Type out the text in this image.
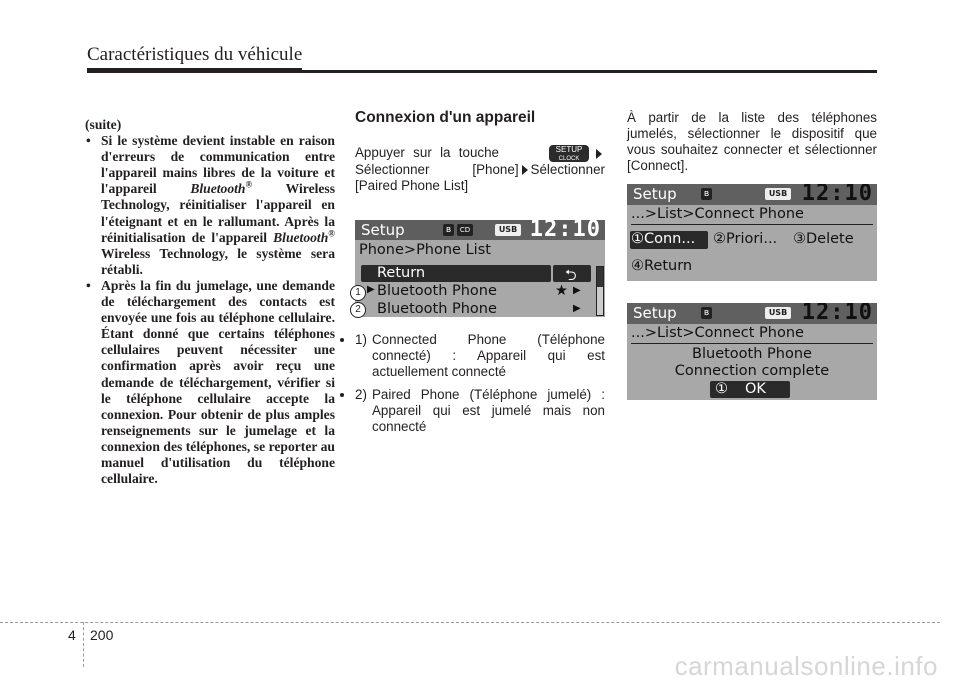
Caractéristiques du véhicule
(suite)
• Si le système devient instable en raison d'erreurs de communication entre l'appareil mains libres de la voiture et l'appareil Bluetooth® Wireless Technology, réinitialiser l'appareil en l'éteignant et en le rallumant. Après la réinitialisation de l'appareil Bluetooth® Wireless Technology, le système sera rétabli.
• Après la fin du jumelage, une demande de téléchargement des contacts est envoyée une fois au téléphone cellulaire. Étant donné que certains téléphones cellulaires peuvent nécessiter une confirmation après avoir reçu une demande de téléchargement, vérifier si le téléphone cellulaire accepte la connexion. Pour obtenir de plus amples renseignements sur le jumelage et la connexion des téléphones, se reporter au manuel d'utilisation du téléphone cellulaire.
Connexion d'un appareil
Appuyer sur la touche	SETUP
CLOCK Sélectionner [Phone] Sélectionner [Paired Phone List]
Setup	ʙ	CD	USB 12:10
Phone>Phone List
Return	⮌
▶ Bluetooth Phone	★ ▶
Bluetooth Phone	▶
1
2
• 1) Connected Phone (Téléphone connecté) : Appareil qui est actuellement connecté
• 2) Paired Phone (Téléphone jumelé) : Appareil qui est jumelé mais non connecté
À partir de la liste des téléphones jumelés, sélectionner le dispositif que vous souhaitez connecter et sélectionner [Connect].
Setup	ʙ	USB 12:10
...>List>Connect Phone
①Conn... ②Priori... ③Delete
④Return
Setup	ʙ	USB 12:10
...>List>Connect Phone
Bluetooth Phone
Connection complete
① OK
4 200
carmanualsonline.info
